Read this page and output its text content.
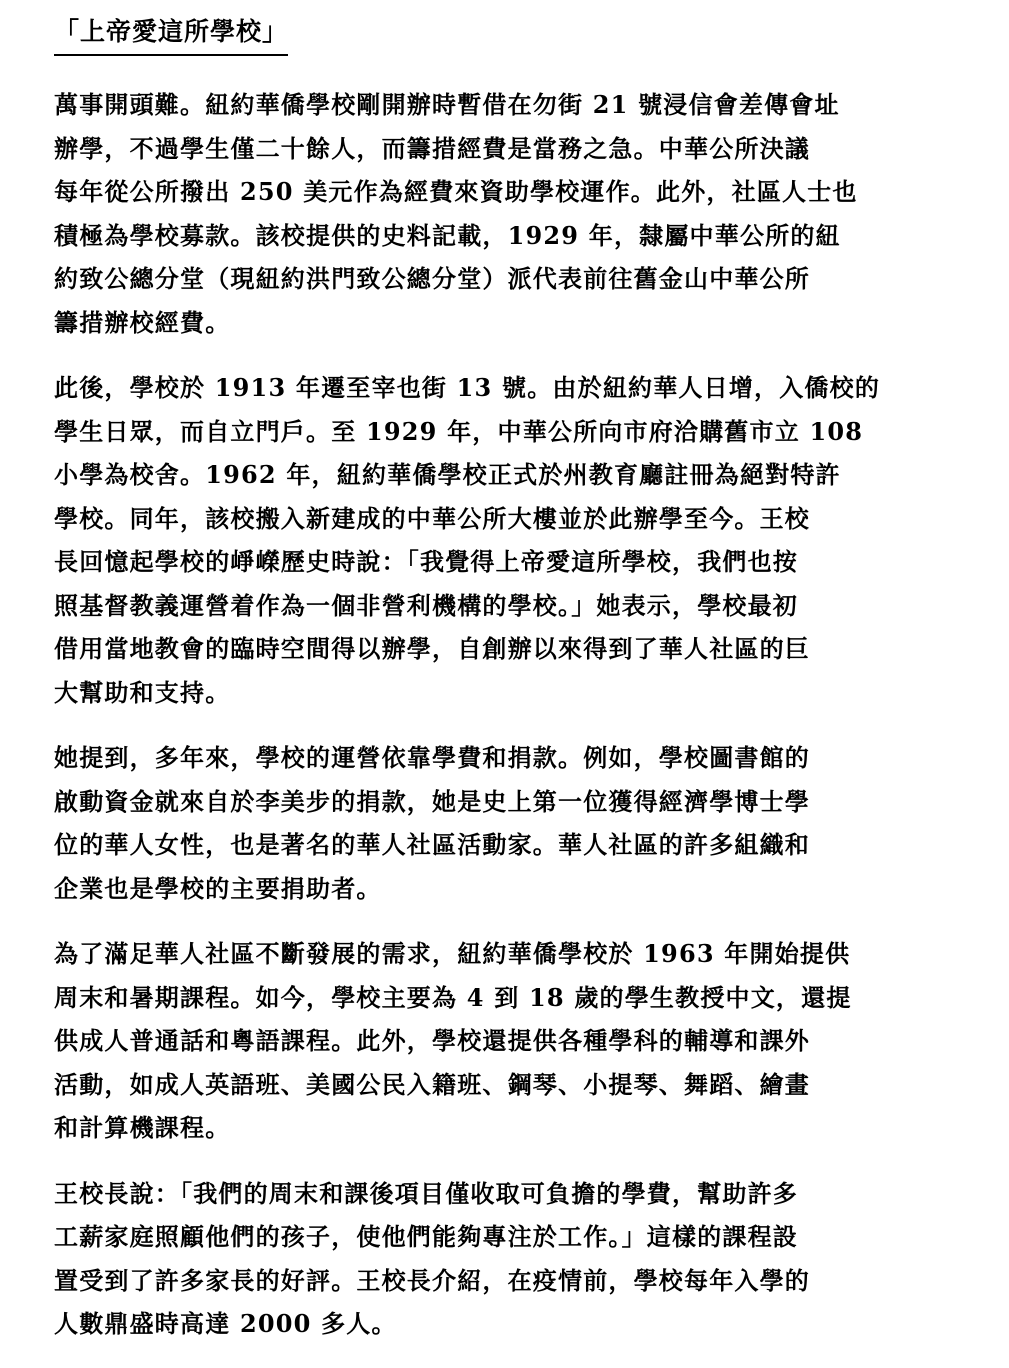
「上帝愛這所學校」
萬事開頭難。紐約華僑學校剛開辦時暫借在勿街 21 號浸信會差傳會址
辦學，不過學生僅二十餘人，而籌措經費是當務之急。中華公所決議
每年從公所撥出 250 美元作為經費來資助學校運作。此外，社區人士也
積極為學校募款。該校提供的史料記載，1929 年，隸屬中華公所的紐
約致公總分堂（現紐約洪門致公總分堂）派代表前往舊金山中華公所
籌措辦校經費。
此後，學校於 1913 年遷至宰也街 13 號。由於紐約華人日增，入僑校的
學生日眾，而自立門戶。至 1929 年，中華公所向市府洽購舊市立 108
小學為校舍。1962 年，紐約華僑學校正式於州教育廳註冊為絕對特許
學校。同年，該校搬入新建成的中華公所大樓並於此辦學至今。王校
長回憶起學校的崢嶸歷史時說：「我覺得上帝愛這所學校，我們也按
照基督教義運營着作為一個非營利機構的學校。」她表示，學校最初
借用當地教會的臨時空間得以辦學，自創辦以來得到了華人社區的巨
大幫助和支持。
她提到，多年來，學校的運營依靠學費和捐款。例如，學校圖書館的
啟動資金就來自於李美步的捐款，她是史上第一位獲得經濟學博士學
位的華人女性，也是著名的華人社區活動家。華人社區的許多組織和
企業也是學校的主要捐助者。
為了滿足華人社區不斷發展的需求，紐約華僑學校於 1963 年開始提供
周末和暑期課程。如今，學校主要為 4 到 18 歲的學生教授中文，還提
供成人普通話和粵語課程。此外，學校還提供各種學科的輔導和課外
活動，如成人英語班、美國公民入籍班、鋼琴、小提琴、舞蹈、繪畫
和計算機課程。
王校長說：「我們的周末和課後項目僅收取可負擔的學費，幫助許多
工薪家庭照顧他們的孩子，使他們能夠專注於工作。」這樣的課程設
置受到了許多家長的好評。王校長介紹，在疫情前，學校每年入學的
人數鼎盛時高達 2000 多人。
